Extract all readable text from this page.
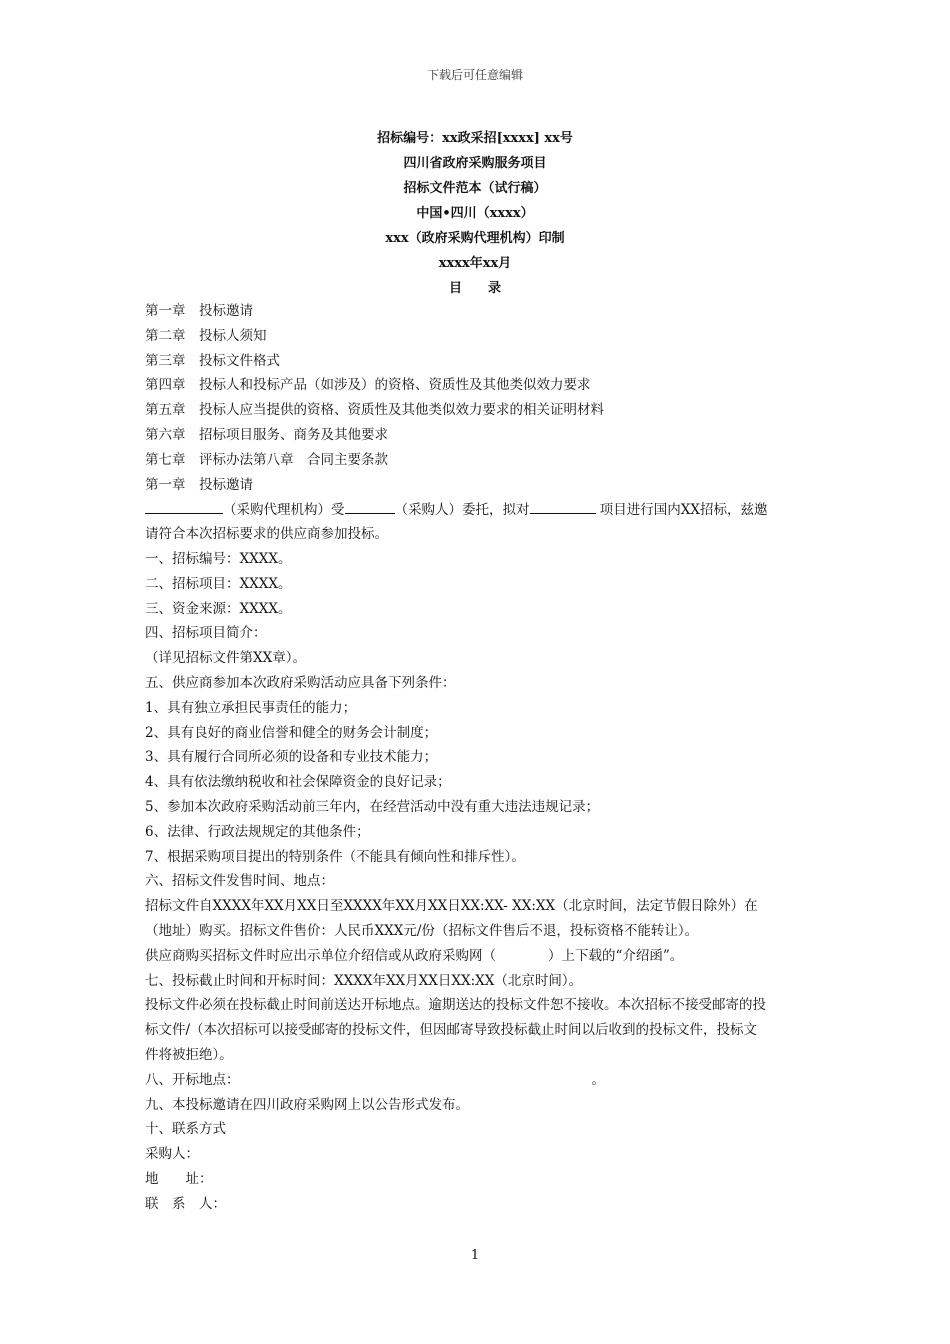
下载后可任意编辑
招标编号：xx政采招[xxxx] xx号
四川省政府采购服务项目
招标文件范本（试行稿）
中国•四川（xxxx）
xxx（政府采购代理机构）印制
xxxx年xx月
目　　录
第一章　投标邀请
第二章　投标人须知
第三章　投标文件格式
第四章　投标人和投标产品（如涉及）的资格、资质性及其他类似效力要求
第五章　投标人应当提供的资格、资质性及其他类似效力要求的相关证明材料
第六章　招标项目服务、商务及其他要求
第七章　评标办法第八章　合同主要条款
第一章　投标邀请
（采购代理机构）受	（采购人）委托，拟对	项目进行国内XX招标，兹邀
请符合本次招标要求的供应商参加投标。
一、招标编号：XXXX。
二、招标项目：XXXX。
三、资金来源：XXXX。
四、招标项目简介：
（详见招标文件第XX章）。
五、供应商参加本次政府采购活动应具备下列条件：
1、具有独立承担民事责任的能力；
2、具有良好的商业信誉和健全的财务会计制度；
3、具有履行合同所必须的设备和专业技术能力；
4、具有依法缴纳税收和社会保障资金的良好记录；
5、参加本次政府采购活动前三年内，在经营活动中没有重大违法违规记录；
6、法律、行政法规规定的其他条件；
7、根据采购项目提出的特别条件（不能具有倾向性和排斥性）。
六、招标文件发售时间、地点：
招标文件自XXXX年XX月XX日至XXXX年XX月XX日XX:XX- XX:XX（北京时间，法定节假日除外）在
（地址）购买。招标文件售价：人民币XXX元/份（招标文件售后不退，投标资格不能转让）。
供应商购买招标文件时应出示单位介绍信或从政府采购网（	）上下载的“介绍函”。
七、投标截止时间和开标时间：XXXX年XX月XX日XX:XX（北京时间）。
投标文件必须在投标截止时间前送达开标地点。逾期送达的投标文件恕不接收。本次招标不接受邮寄的投
标文件/（本次招标可以接受邮寄的投标文件，但因邮寄导致投标截止时间以后收到的投标文件，投标文
件将被拒绝）。
八、开标地点：	。
九、本投标邀请在四川政府采购网上以公告形式发布。
十、联系方式
采购人：
地　　址：
联　系　人：
1
